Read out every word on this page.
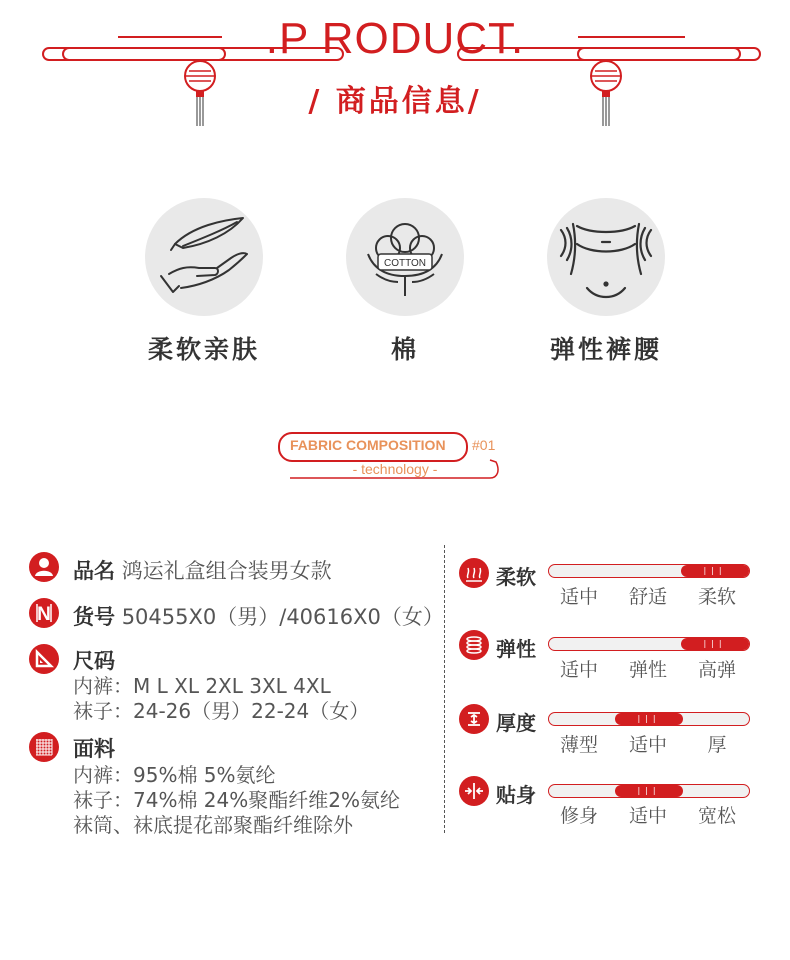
.P RODUCT.
/ 商品信息/
柔软亲肤
COTTON
棉	弹性裤腰
FABRIC COMPOSITION #01
- technology -
品名 鸿运礼盒组合装男女款
N 货号 50455X0（男）/40616X0（女）
尺码
内裤：M L XL 2XL 3XL 4XL
袜子：24-26（男）22-24（女）
面料
内裤：95%棉 5%氨纶
袜子：74%棉 24%聚酯纤维2%氨纶
袜筒、袜底提花部聚酯纤维除外
柔软	|||
适中	舒适	柔软
弹性	|||
适中	弹性	高弹
厚度	|||
薄型	适中	厚
贴身	|||
修身	适中	宽松
